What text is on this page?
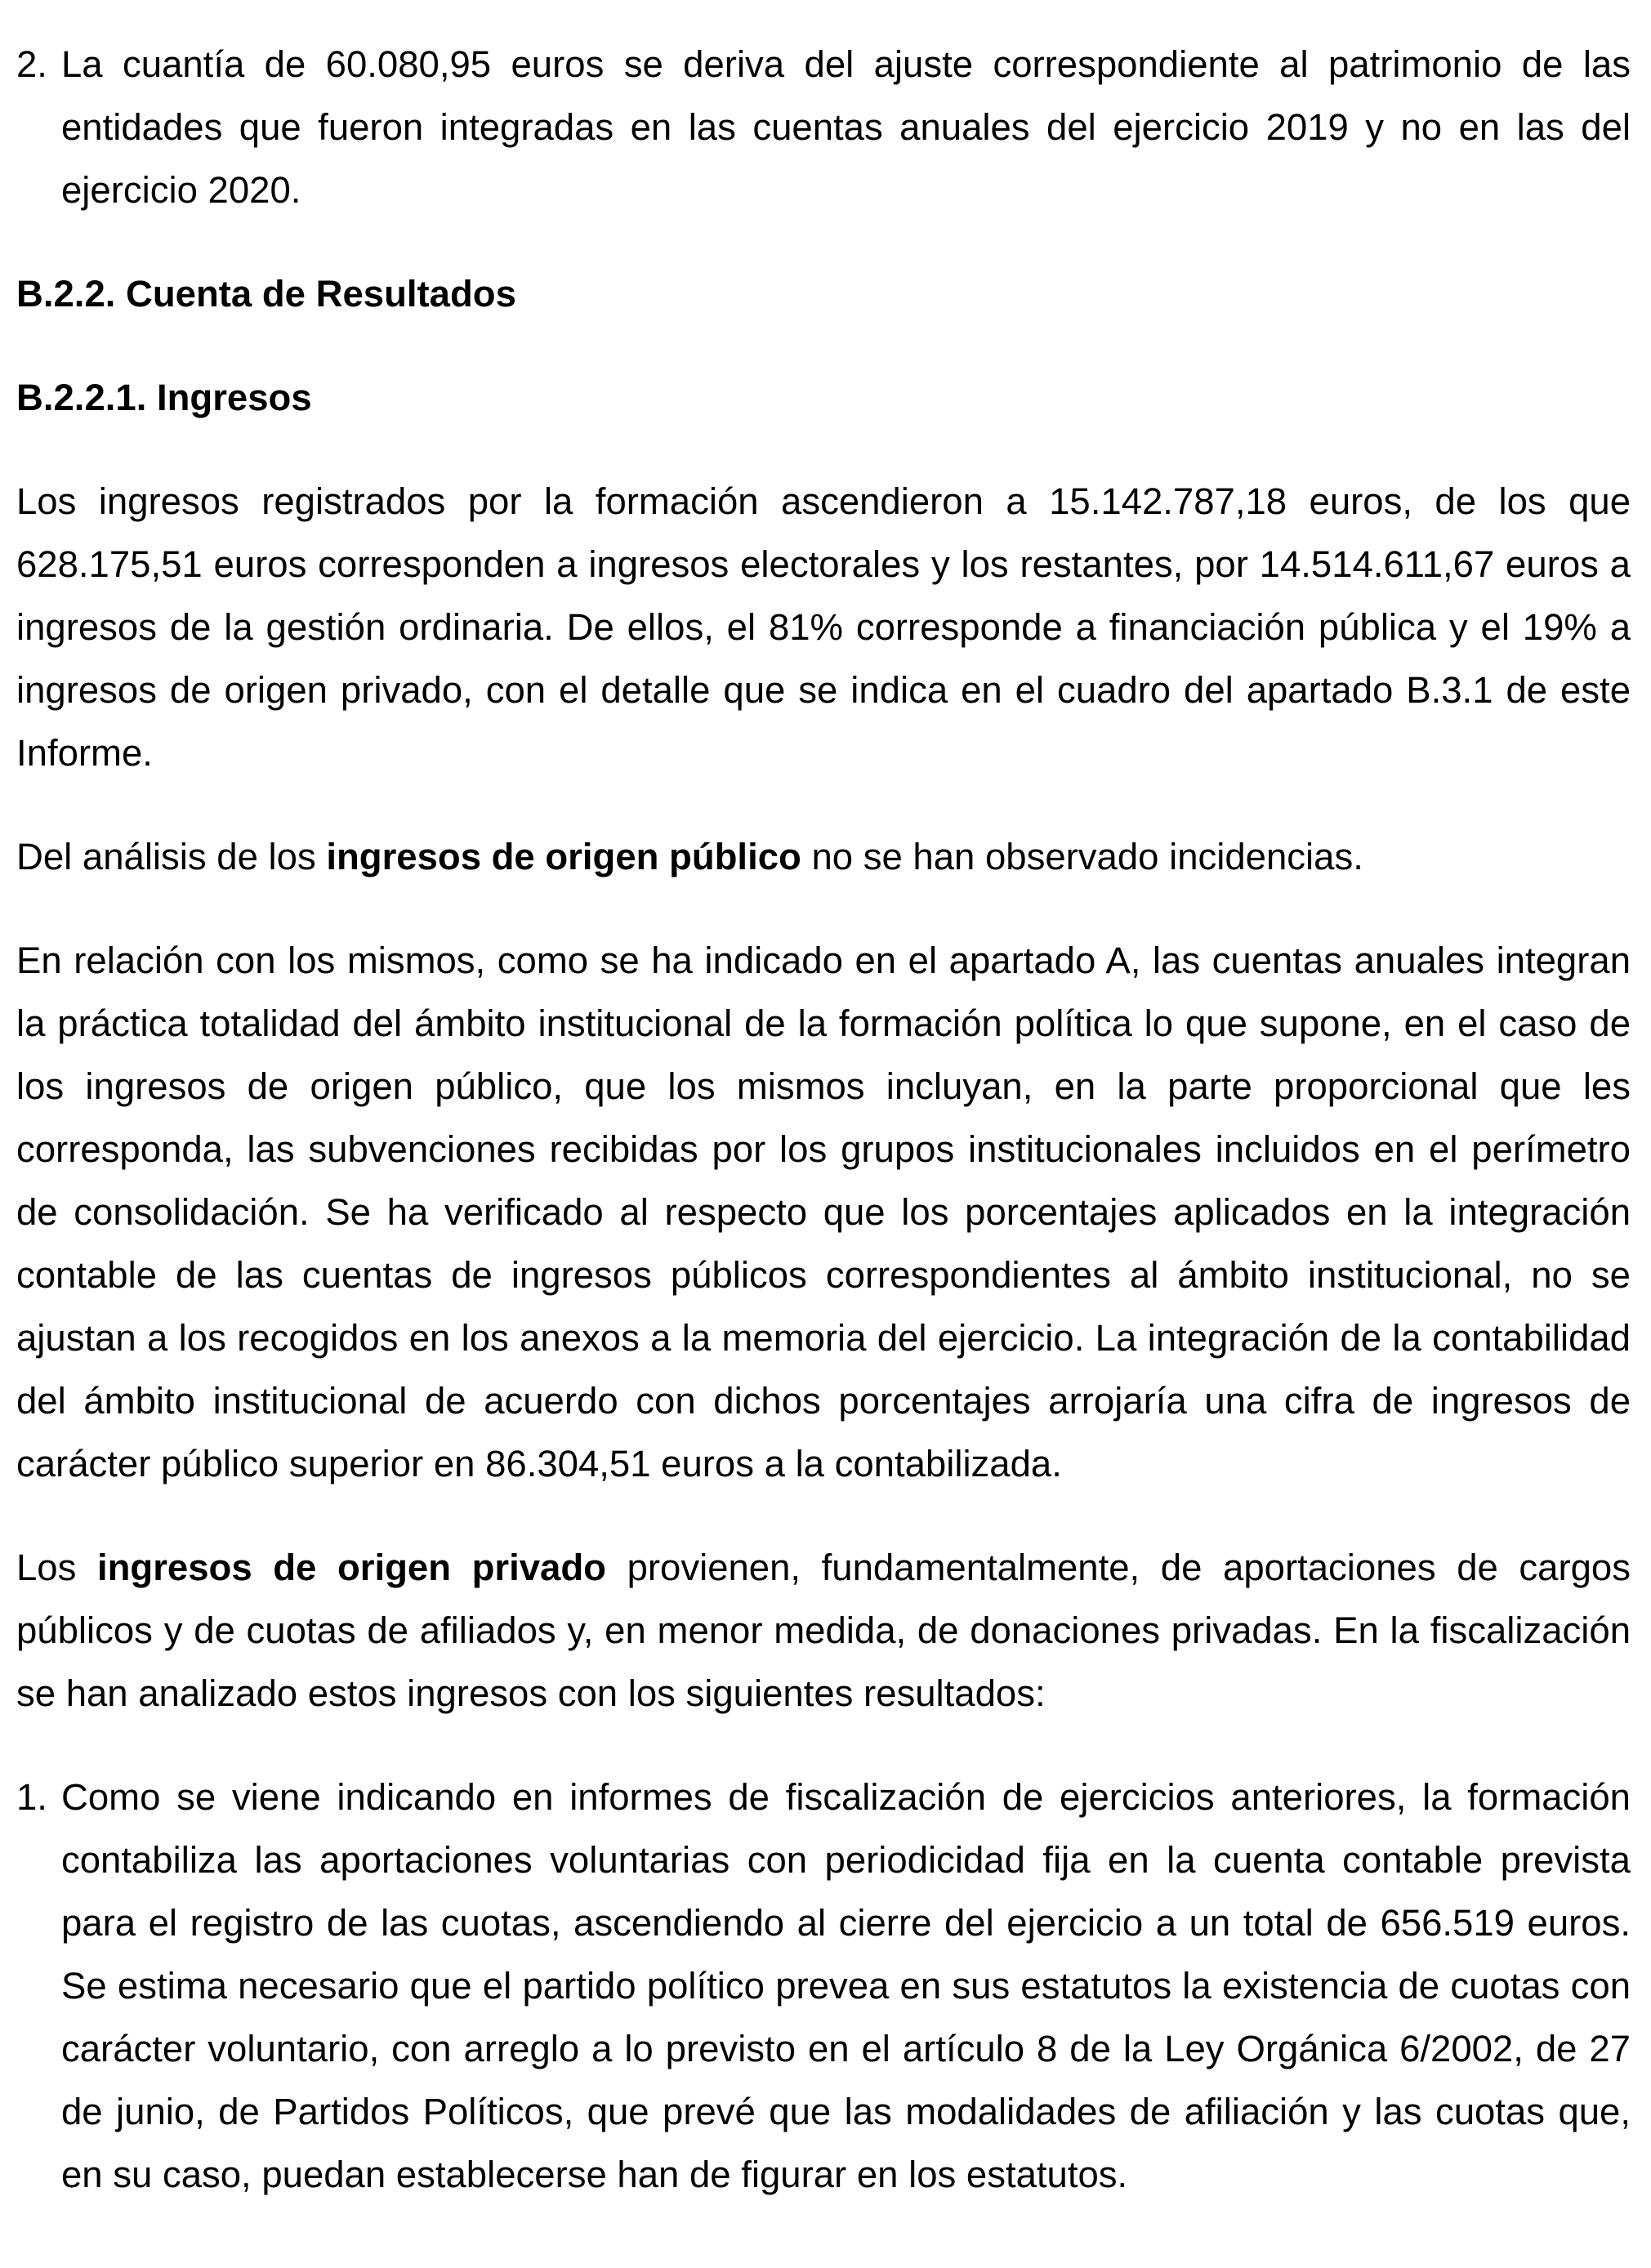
2. La cuantía de 60.080,95 euros se deriva del ajuste correspondiente al patrimonio de las entidades que fueron integradas en las cuentas anuales del ejercicio 2019 y no en las del ejercicio 2020.
B.2.2. Cuenta de Resultados
B.2.2.1. Ingresos

Los ingresos registrados por la formación ascendieron a 15.142.787,18 euros, de los que 628.175,51 euros corresponden a ingresos electorales y los restantes, por 14.514.611,67 euros a ingresos de la gestión ordinaria. De ellos, el 81% corresponde a financiación pública y el 19% a ingresos de origen privado, con el detalle que se indica en el cuadro del apartado B.3.1 de este Informe.

Del análisis de los ingresos de origen público no se han observado incidencias.

En relación con los mismos, como se ha indicado en el apartado A, las cuentas anuales integran la práctica totalidad del ámbito institucional de la formación política lo que supone, en el caso de los ingresos de origen público, que los mismos incluyan, en la parte proporcional que les corresponda, las subvenciones recibidas por los grupos institucionales incluidos en el perímetro de consolidación. Se ha verificado al respecto que los porcentajes aplicados en la integración contable de las cuentas de ingresos públicos correspondientes al ámbito institucional, no se ajustan a los recogidos en los anexos a la memoria del ejercicio. La integración de la contabilidad del ámbito institucional de acuerdo con dichos porcentajes arrojaría una cifra de ingresos de carácter público superior en 86.304,51 euros a la contabilizada.

Los ingresos de origen privado provienen, fundamentalmente, de aportaciones de cargos públicos y de cuotas de afiliados y, en menor medida, de donaciones privadas. En la fiscalización se han analizado estos ingresos con los siguientes resultados:

1. Como se viene indicando en informes de fiscalización de ejercicios anteriores, la formación contabiliza las aportaciones voluntarias con periodicidad fija en la cuenta contable prevista para el registro de las cuotas, ascendiendo al cierre del ejercicio a un total de 656.519 euros. Se estima necesario que el partido político prevea en sus estatutos la existencia de cuotas con carácter voluntario, con arreglo a lo previsto en el artículo 8 de la Ley Orgánica 6/2002, de 27 de junio, de Partidos Políticos, que prevé que las modalidades de afiliación y las cuotas que, en su caso, puedan establecerse han de figurar en los estatutos.
